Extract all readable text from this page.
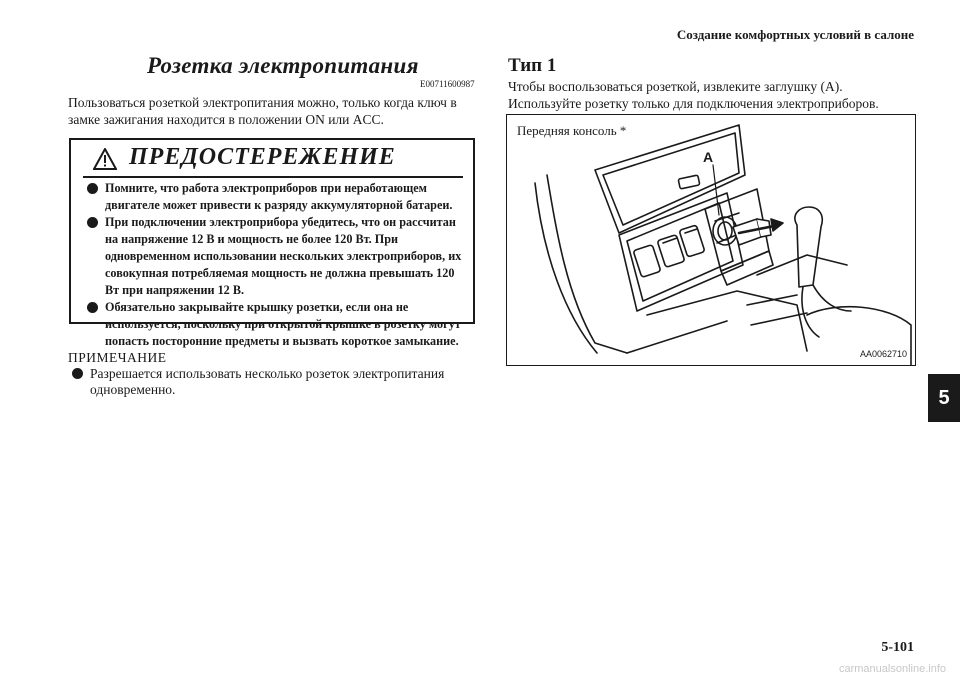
Создание комфортных условий в салоне
Розетка электропитания
E00711600987
Пользоваться розеткой электропитания можно, только когда ключ в замке зажигания находится в положении ON или ACC.
ПРЕДОСТЕРЕЖЕНИЕ

Помните, что работа электроприборов при неработающем двигателе может привести к разряду аккумуляторной батареи.

При подключении электроприбора убедитесь, что он рассчитан на напряжение 12 В и мощность не более 120 Вт. При одновременном использовании нескольких электроприборов, их совокупная потребляемая мощность не должна превышать 120 Вт при напряжении 12 В.

Обязательно закрывайте крышку розетки, если она не используется, поскольку при открытой крышке в розетку могут попасть посторонние предметы и вызвать короткое замыкание.

ПРИМЕЧАНИЕ
Разрешается использовать несколько розеток электропитания одновременно.
Тип 1
Чтобы воспользоваться розеткой, извлеките заглушку (A). Используйте розетку только для подключения электроприборов.
Передняя консоль *
A
AA0062710
5
5-101
carmanualsonline.info
